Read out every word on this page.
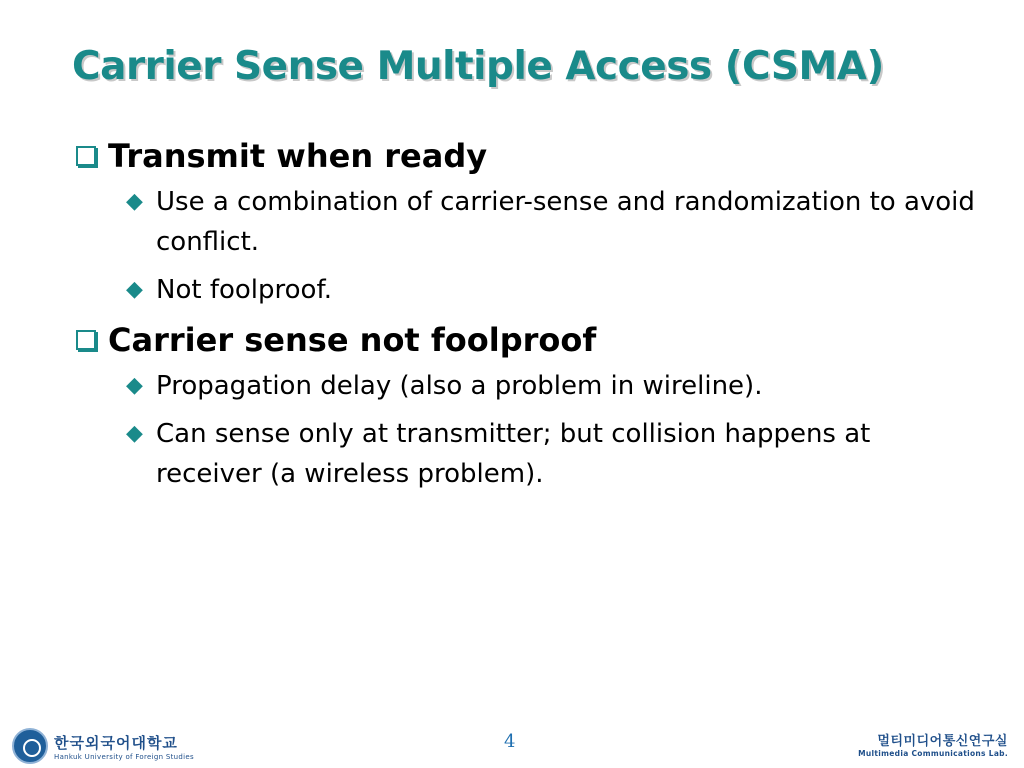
Carrier Sense Multiple Access (CSMA)
Transmit when ready
◆ Use a combination of carrier-sense and randomization to avoid conflict.
◆ Not foolproof.
Carrier sense not foolproof
◆ Propagation delay (also a problem in wireline).
◆ Can sense only at transmitter; but collision happens at receiver (a wireless problem).
한국외국어대학교
Hankuk University of Foreign Studies
4	멀티미디어통신연구실
Multimedia Communications Lab.
